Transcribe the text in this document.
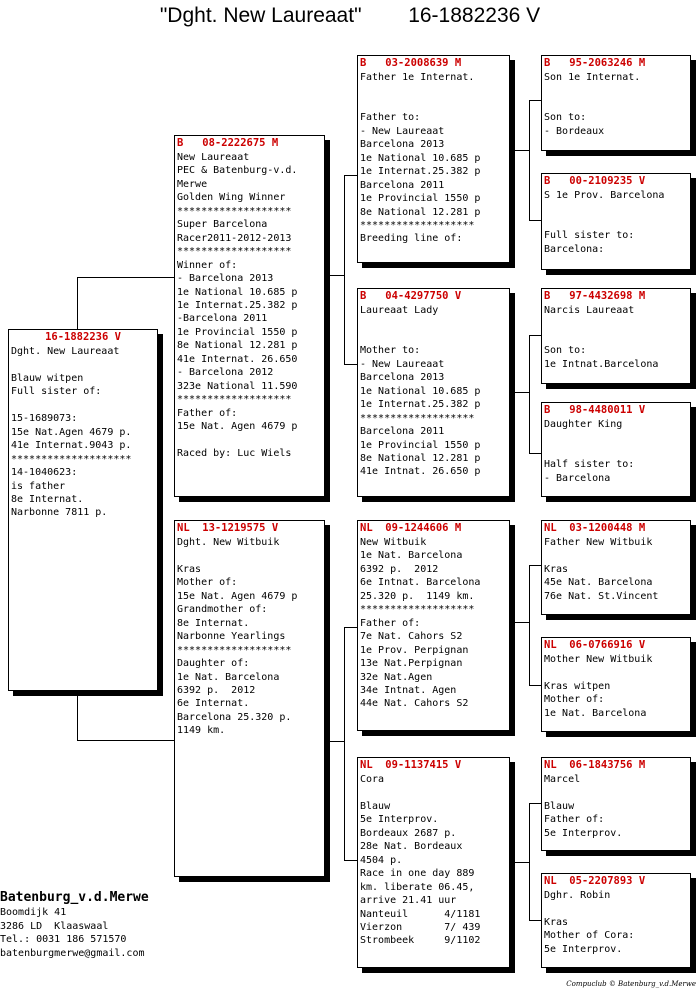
"Dght. New Laureaat"        16-1882236 V
16-1882236 V
Dght. New Laureaat

Blauw witpen
Full sister of:

15-1689073:
15e Nat.Agen 4679 p.
41e Internat.9043 p.
********************
14-1040623:
is father
8e Internat.
Narbonne 7811 p.
B   08-2222675 M
New Laureaat
PEC & Batenburg-v.d.
Merwe
Golden Wing Winner
*******************
Super Barcelona
Racer2011-2012-2013
*******************
Winner of:
- Barcelona 2013
1e National 10.685 p
1e Internat.25.382 p
-Barcelona 2011
1e Provincial 1550 p
8e National 12.281 p
41e Internat. 26.650
- Barcelona 2012
323e National 11.590
*******************
Father of:
15e Nat. Agen 4679 p

Raced by: Luc Wiels
NL  13-1219575 V
Dght. New Witbuik

Kras
Mother of:
15e Nat. Agen 4679 p
Grandmother of:
8e Internat.
Narbonne Yearlings
*******************
Daughter of:
1e Nat. Barcelona
6392 p.  2012
6e Internat.
Barcelona 25.320 p.
1149 km.
B   03-2008639 M
Father 1e Internat.

Father to:
- New Laureaat
Barcelona 2013
1e National 10.685 p
1e Internat.25.382 p
Barcelona 2011
1e Provincial 1550 p
8e National 12.281 p
*******************
Breeding line of:
B   04-4297750 V
Laureaat Lady

Mother to:
- New Laureaat
Barcelona 2013
1e National 10.685 p
1e Internat.25.382 p
*******************
Barcelona 2011
1e Provincial 1550 p
8e National 12.281 p
41e Intnat. 26.650 p
NL  09-1244606 M
New Witbuik
1e Nat. Barcelona
6392 p.  2012
6e Intnat. Barcelona
25.320 p.  1149 km.
*******************
Father of:
7e Nat. Cahors S2
1e Prov. Perpignan
13e Nat.Perpignan
32e Nat.Agen
34e Intnat. Agen
44e Nat. Cahors S2
NL  09-1137415 V
Cora

Blauw
5e Interprov.
Bordeaux 2687 p.
28e Nat. Bordeaux
4504 p.
Race in one day 889
km. liberate 06.45,
arrive 21.41 uur
Nanteuil      4/1181
Vierzon       7/ 439
Strombeek     9/1102
B   95-2063246 M
Son 1e Internat.

Son to:
- Bordeaux
B   00-2109235 V
S 1e Prov. Barcelona

Full sister to:
Barcelona:
B   97-4432698 M
Narcis Laureaat

Son to:
1e Intnat.Barcelona
B   98-4480011 V
Daughter King

Half sister to:
- Barcelona
NL  03-1200448 M
Father New Witbuik

Kras
45e Nat. Barcelona
76e Nat. St.Vincent
NL  06-0766916 V
Mother New Witbuik

Kras witpen
Mother of:
1e Nat. Barcelona
NL  06-1843756 M
Marcel

Blauw
Father of:
5e Interprov.
NL  05-2207893 V
Dghr. Robin

Kras
Mother of Cora:
5e Interprov.
Batenburg_v.d.Merwe
Boomdijk 41
3286 LD  Klaaswaal
Tel.: 0031 186 571570
batenburgmerwe@gmail.com
Compuclub © Batenburg_v.d.Merwe
